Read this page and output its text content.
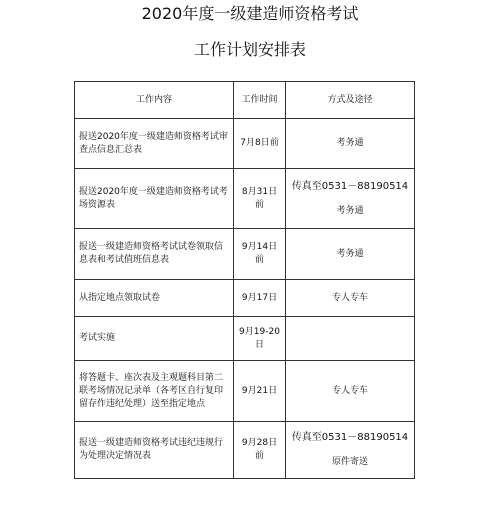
2020年度一级建造师资格考试
工作计划安排表
工作内容	工作时间	方式及途径
报送2020年度一级建造师资格考试审查点信息汇总表	7月8日前	考务通

报送2020年度一级建造师资格考试考场资源表	8月31日前	传真至0531－88190514
考务通

报送一级建造师资格考试试卷领取信息表和考试值班信息表	9月14日前	考务通

从指定地点领取试卷	9月17日	专人专车

考试实施	9月19-20日	
将答题卡、座次表及主观题科目第二联考场情况记录单（各考区自行复印留存作违纪处理）送至指定地点	9月21日	专人专车

报送一级建造师资格考试违纪违规行为处理决定情况表	9月28日前	传真至0531－88190514
原件寄送
